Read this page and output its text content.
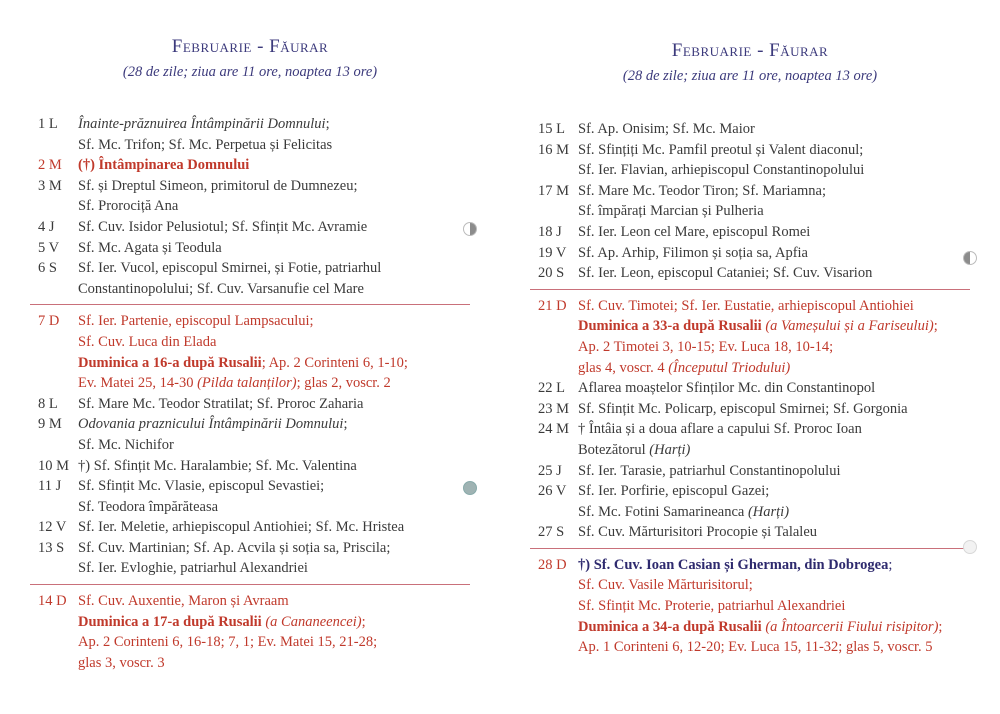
Februarie - Făurar
(28 de zile; ziua are 11 ore, noaptea 13 ore)
1 L	Înainte-prăznuirea Întâmpinării Domnului;
Sf. Mc. Trifon; Sf. Mc. Perpetua și Felicitas
2 M	(†) Întâmpinarea Domnului
3 M	Sf. și Dreptul Simeon, primitorul de Dumnezeu;
Sf. Prorociță Ana
4 J	Sf. Cuv. Isidor Pelusiotul; Sf. Sfințit Mc. Avramie
5 V	Sf. Mc. Agata și Teodula
6 S	Sf. Ier. Vucol, episcopul Smirnei, și Fotie, patriarhul
Constantinopolului; Sf. Cuv. Varsanufie cel Mare
7 D	Sf. Ier. Partenie, episcopul Lampsacului;
Sf. Cuv. Luca din Elada
Duminica a 16-a după Rusalii; Ap. 2 Corinteni 6, 1-10;
Ev. Matei 25, 14-30 (Pilda talanților); glas 2, voscr. 2
8 L	Sf. Mare Mc. Teodor Stratilat; Sf. Proroc Zaharia
9 M	Odovania praznicului Întâmpinării Domnului;
Sf. Mc. Nichifor
10 M †) Sf. Sfințit Mc. Haralambie; Sf. Mc. Valentina
11 J	Sf. Sfințit Mc. Vlasie, episcopul Sevastiei;
Sf. Teodora împărăteasa
12 V Sf. Ier. Meletie, arhiepiscopul Antiohiei; Sf. Mc. Hristea
13 S Sf. Cuv. Martinian; Sf. Ap. Acvila și soția sa, Priscila;
Sf. Ier. Evloghie, patriarhul Alexandriei
14 D Sf. Cuv. Auxentie, Maron și Avraam
Duminica a 17-a după Rusalii (a Cananeencei);
Ap. 2 Corinteni 6, 16-18; 7, 1; Ev. Matei 15, 21-28;
glas 3, voscr. 3
Februarie - Făurar
(28 de zile; ziua are 11 ore, noaptea 13 ore)
15 L Sf. Ap. Onisim; Sf. Mc. Maior
16 M Sf. Sfințiți Mc. Pamfil preotul și Valent diaconul;
Sf. Ier. Flavian, arhiepiscopul Constantinopolului
17 M Sf. Mare Mc. Teodor Tiron; Sf. Mariamna;
Sf. împărați Marcian și Pulheria
18 J	Sf. Ier. Leon cel Mare, episcopul Romei
19 V Sf. Ap. Arhip, Filimon și soția sa, Apfia
20 S Sf. Ier. Leon, episcopul Cataniei; Sf. Cuv. Visarion
21 D Sf. Cuv. Timotei; Sf. Ier. Eustatie, arhiepiscopul Antiohiei
Duminica a 33-a după Rusalii (a Vameșului și a Fariseului);
Ap. 2 Timotei 3, 10-15; Ev. Luca 18, 10-14;
glas 4, voscr. 4 (Începutul Triodului)
22 L Aflarea moaștelor Sfinților Mc. din Constantinopol
23 M Sf. Sfințit Mc. Policarp, episcopul Smirnei; Sf. Gorgonia
24 M † Întâia și a doua aflare a capului Sf. Proroc Ioan
Botezătorul (Harți)
25 J	Sf. Ier. Tarasie, patriarhul Constantinopolului
26 V Sf. Ier. Porfirie, episcopul Gazei;
Sf. Mc. Fotini Samarineanca (Harți)
27 S Sf. Cuv. Mărturisitori Procopie și Talaleu
28 D †) Sf. Cuv. Ioan Casian și Gherman, din Dobrogea;
Sf. Cuv. Vasile Mărturisitorul;
Sf. Sfințit Mc. Proterie, patriarhul Alexandriei
Duminica a 34-a după Rusalii (a Întoarcerii Fiului risipitor);
Ap. 1 Corinteni 6, 12-20; Ev. Luca 15, 11-32; glas 5, voscr. 5
